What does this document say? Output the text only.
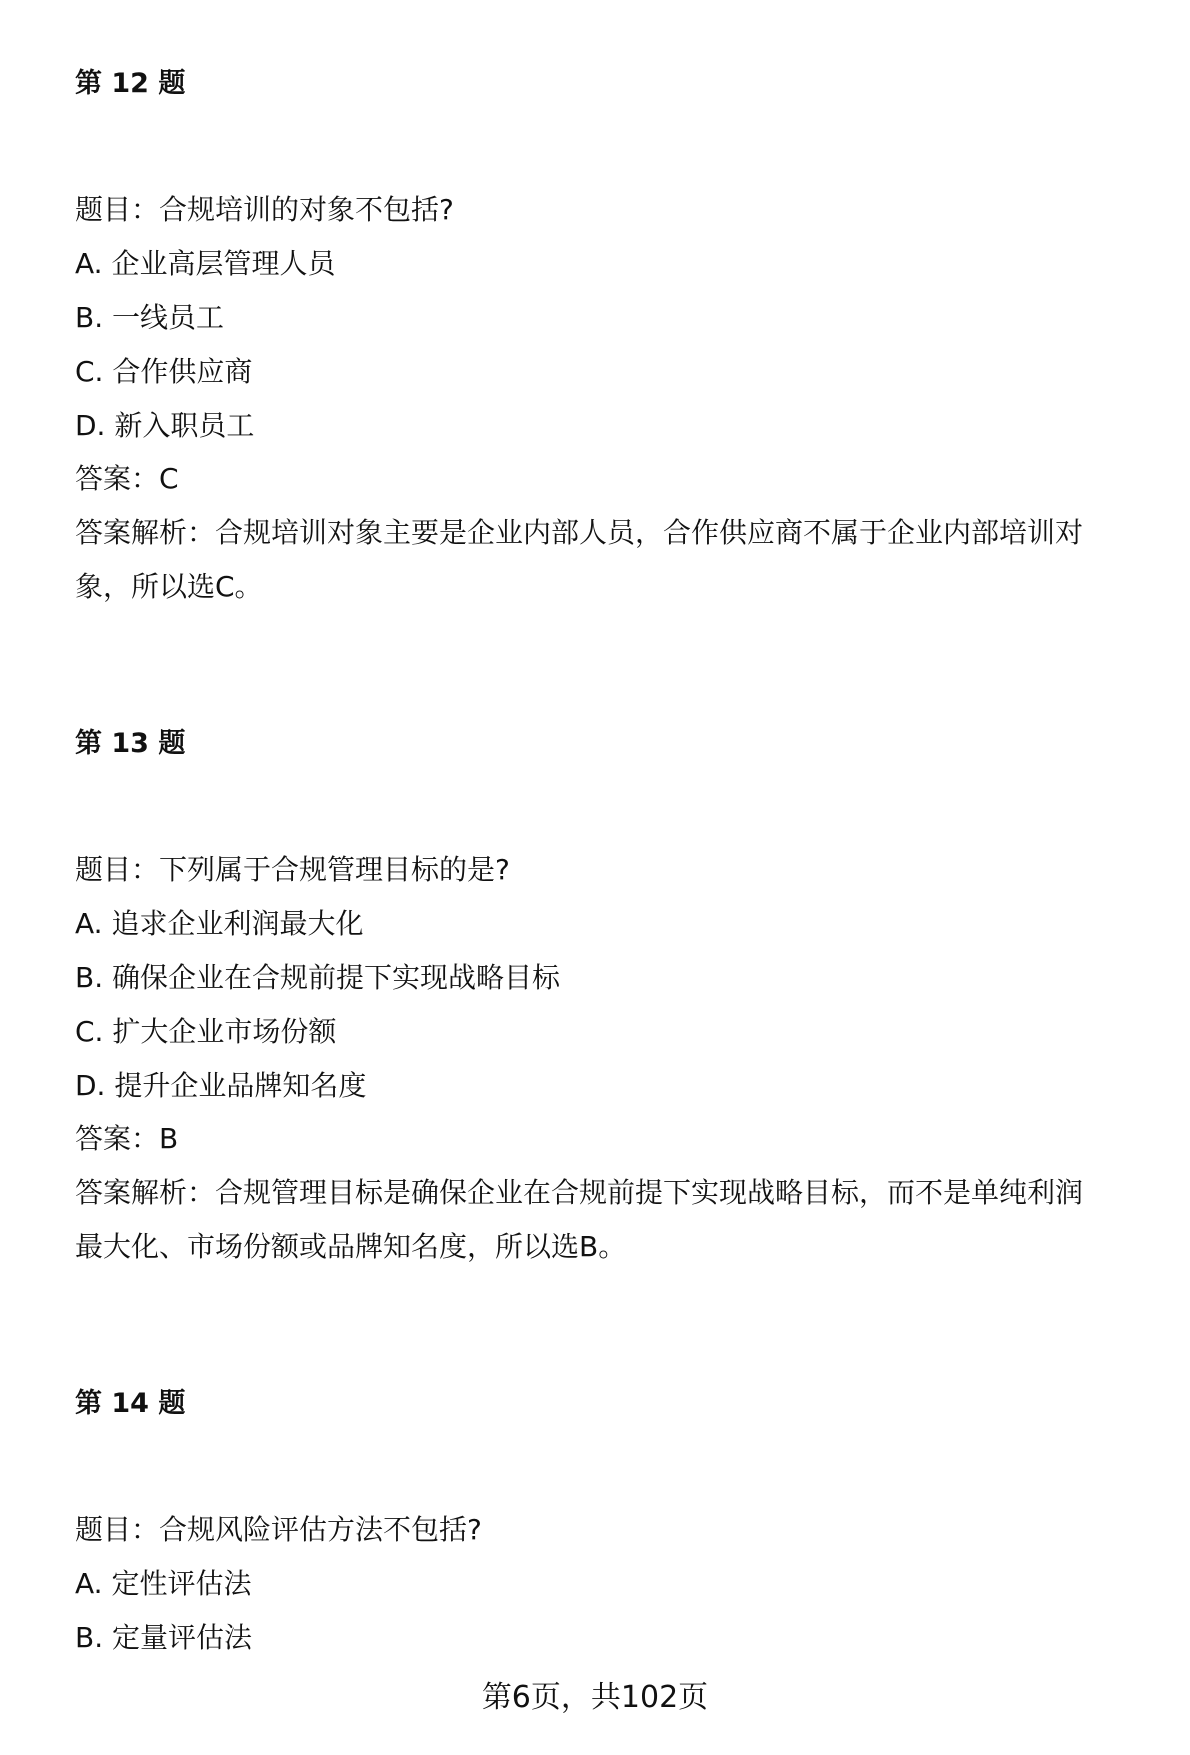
第 12 题
题目：合规培训的对象不包括?
A. 企业高层管理人员
B. 一线员工
C. 合作供应商
D. 新入职员工
答案：C
答案解析：合规培训对象主要是企业内部人员，合作供应商不属于企业内部培训对
象，所以选C。
第 13 题
题目：下列属于合规管理目标的是?
A. 追求企业利润最大化
B. 确保企业在合规前提下实现战略目标
C. 扩大企业市场份额
D. 提升企业品牌知名度
答案：B
答案解析：合规管理目标是确保企业在合规前提下实现战略目标，而不是单纯利润
最大化、市场份额或品牌知名度，所以选B。
第 14 题
题目：合规风险评估方法不包括?
A. 定性评估法
B. 定量评估法
第6页，共102页
